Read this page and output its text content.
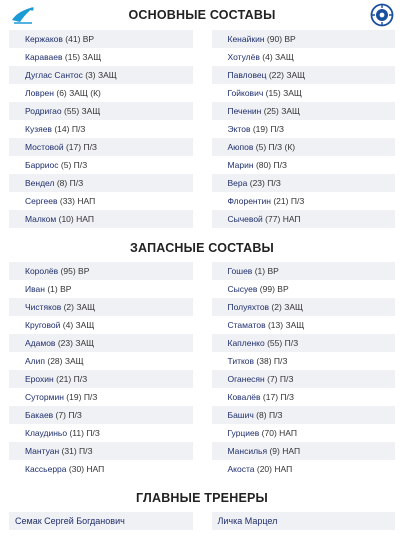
ОСНОВНЫЕ СОСТАВЫ
Кержаков (41) ВР
Караваев (15) ЗАЩ
Дуглас Сантос (3) ЗАЩ
Ловрен (6) ЗАЩ (К)
Родригао (55) ЗАЩ
Кузяев (14) П/З
Мостовой (17) П/З
Барриос (5) П/З
Вендел (8) П/З
Сергеев (33) НАП
Малком (10) НАП
Кенайкин (90) ВР
Хотулёв (4) ЗАЩ
Павловец (22) ЗАЩ
Гойкович (15) ЗАЩ
Печенин (25) ЗАЩ
Эктов (19) П/З
Аюпов (5) П/З (К)
Марин (80) П/З
Вера (23) П/З
Флорентин (21) П/З
Сычевой (77) НАП
ЗАПАСНЫЕ СОСТАВЫ
Королёв (95) ВР
Иван (1) ВР
Чистяков (2) ЗАЩ
Круговой (4) ЗАЩ
Адамов (23) ЗАЩ
Алип (28) ЗАЩ
Ерохин (21) П/З
Сутормин (19) П/З
Бакаев (7) П/З
Клаудиньо (11) П/З
Мантуан (31) П/З
Кассьерра (30) НАП
Гошев (1) ВР
Сысуев (99) ВР
Полуяхтов (2) ЗАЩ
Стаматов (13) ЗАЩ
Капленко (55) П/З
Титков (38) П/З
Оганесян (7) П/З
Ковалёв (17) П/З
Башич (8) П/З
Гурциев (70) НАП
Мансилья (9) НАП
Акоста (20) НАП
ГЛАВНЫЕ ТРЕНЕРЫ
Семак Сергей Богданович	Личка Марцел
